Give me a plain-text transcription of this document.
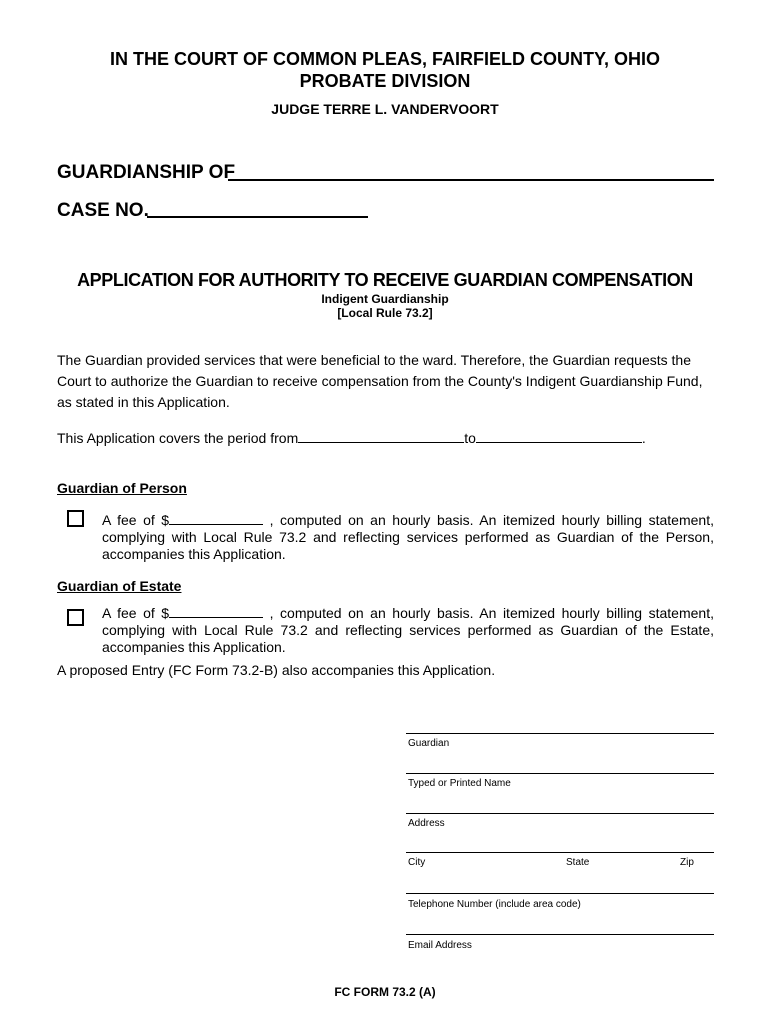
IN THE COURT OF COMMON PLEAS, FAIRFIELD COUNTY, OHIO
PROBATE DIVISION
JUDGE TERRE L. VANDERVOORT
GUARDIANSHIP OF
CASE NO.
APPLICATION FOR AUTHORITY TO RECEIVE GUARDIAN COMPENSATION
Indigent Guardianship
[Local Rule 73.2]
The Guardian provided services that were beneficial to the ward. Therefore, the Guardian requests the Court to authorize the Guardian to receive compensation from the County's Indigent Guardianship Fund, as stated in this Application.
This Application covers the period from	to	.
Guardian of Person
A fee of $	, computed on an hourly basis. An itemized hourly billing statement, complying with Local Rule 73.2 and reflecting services performed as Guardian of the Person, accompanies this Application.
Guardian of Estate
A fee of $	, computed on an hourly basis. An itemized hourly billing statement, complying with Local Rule 73.2 and reflecting services performed as Guardian of the Estate, accompanies this Application.
A proposed Entry (FC Form 73.2-B) also accompanies this Application.
Guardian
Typed or Printed Name
Address
City	State	Zip
Telephone Number (include area code)
Email Address
FC FORM 73.2 (A)
